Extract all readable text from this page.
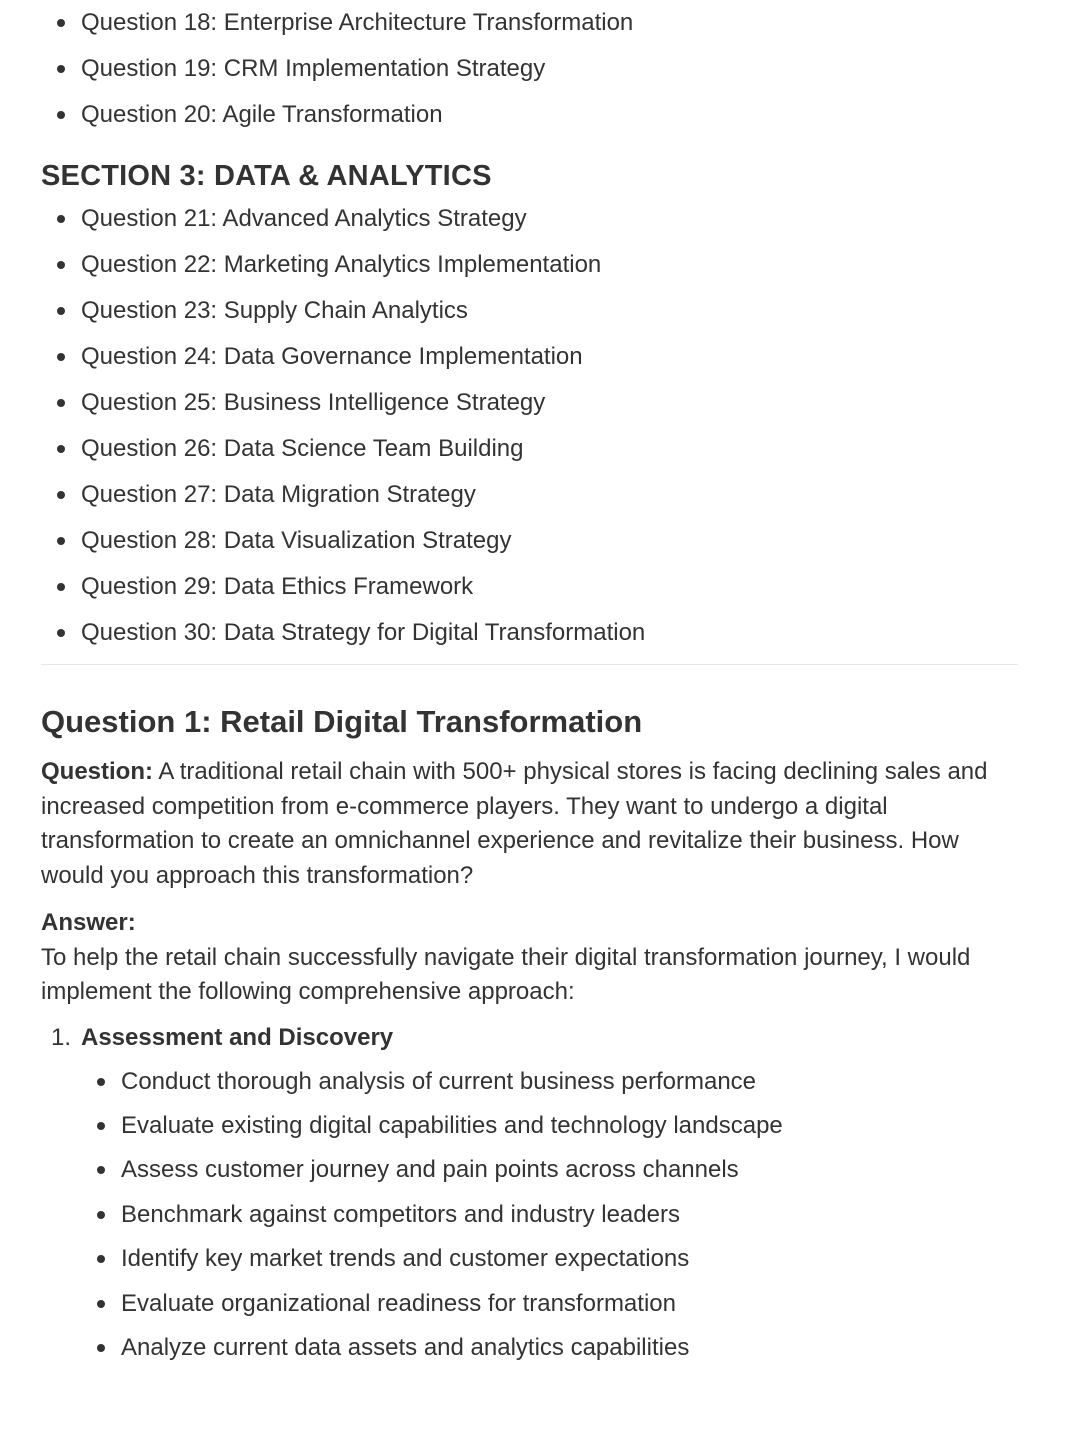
Question 18: Enterprise Architecture Transformation
Question 19: CRM Implementation Strategy
Question 20: Agile Transformation
SECTION 3: DATA & ANALYTICS
Question 21: Advanced Analytics Strategy
Question 22: Marketing Analytics Implementation
Question 23: Supply Chain Analytics
Question 24: Data Governance Implementation
Question 25: Business Intelligence Strategy
Question 26: Data Science Team Building
Question 27: Data Migration Strategy
Question 28: Data Visualization Strategy
Question 29: Data Ethics Framework
Question 30: Data Strategy for Digital Transformation
Question 1: Retail Digital Transformation

Question: A traditional retail chain with 500+ physical stores is facing declining sales and increased competition from e-commerce players. They want to undergo a digital transformation to create an omnichannel experience and revitalize their business. How would you approach this transformation?

Answer:

To help the retail chain successfully navigate their digital transformation journey, I would implement the following comprehensive approach:

1. Assessment and Discovery
Conduct thorough analysis of current business performance
Evaluate existing digital capabilities and technology landscape
Assess customer journey and pain points across channels
Benchmark against competitors and industry leaders
Identify key market trends and customer expectations
Evaluate organizational readiness for transformation
Analyze current data assets and analytics capabilities
